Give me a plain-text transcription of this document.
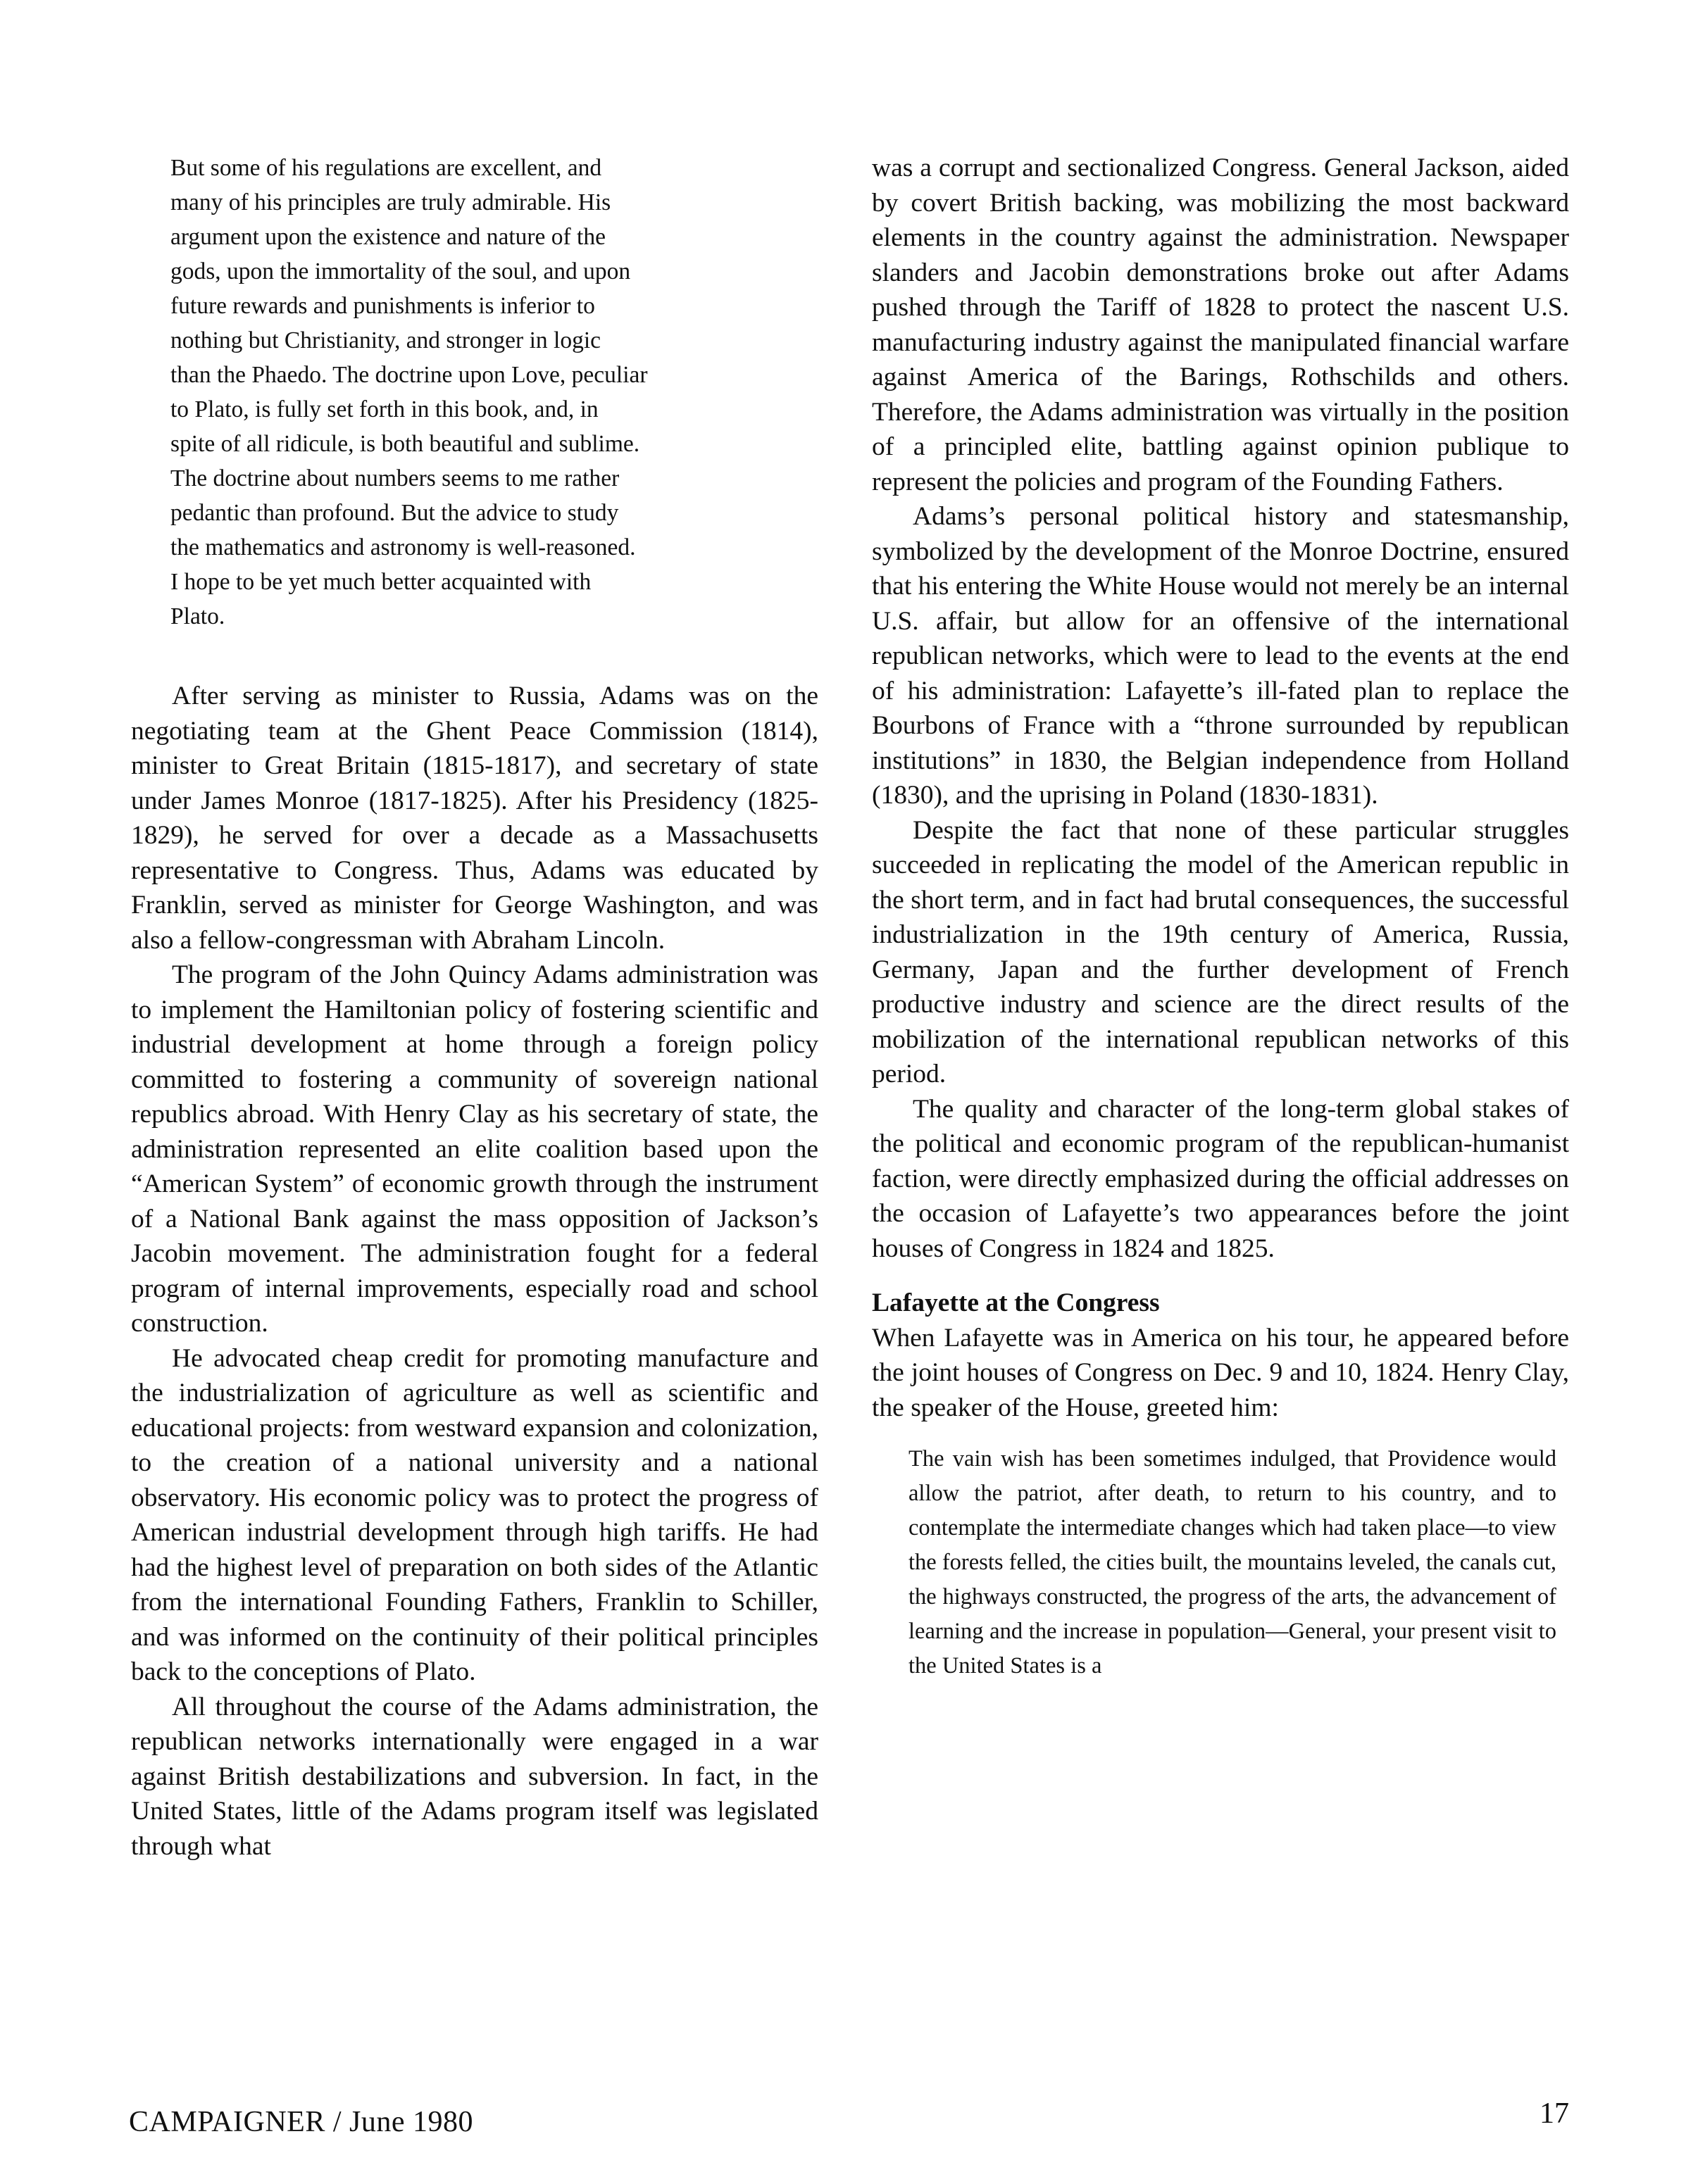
But some of his regulations are excellent, and

many of his principles are truly admirable. His

argument upon the existence and nature of the

gods, upon the immortality of the soul, and upon

future rewards and punishments is inferior to

nothing but Christianity, and stronger in logic

than the Phaedo. The doctrine upon Love, peculiar

to Plato, is fully set forth in this book, and, in

spite of all ridicule, is both beautiful and sublime.

The doctrine about numbers seems to me rather

pedantic than profound. But the advice to study

the mathematics and astronomy is well-reasoned.

I hope to be yet much better acquainted with

Plato.

After serving as minister to Russia, Adams was on the negotiating team at the Ghent Peace Commission (1814), minister to Great Britain (1815-1817), and secretary of state under James Monroe (1817-1825). After his Presidency (1825-1829), he served for over a decade as a Massachusetts representative to Congress. Thus, Adams was educated by Franklin, served as minister for George Washington, and was also a fellow-congressman with Abraham Lincoln.

The program of the John Quincy Adams administration was to implement the Hamiltonian policy of fostering scientific and industrial development at home through a foreign policy committed to fostering a community of sovereign national republics abroad. With Henry Clay as his secretary of state, the administration represented an elite coalition based upon the “American System” of economic growth through the instrument of a National Bank against the mass opposition of Jackson’s Jacobin movement. The administration fought for a federal program of internal improvements, especially road and school construction.

He advocated cheap credit for promoting manufacture and the industrialization of agriculture as well as scientific and educational projects: from westward expansion and colonization, to the creation of a national university and a national observatory. His economic policy was to protect the progress of American industrial development through high tariffs. He had had the highest level of preparation on both sides of the Atlantic from the international Founding Fathers, Franklin to Schiller, and was informed on the continuity of their political principles back to the conceptions of Plato.

All throughout the course of the Adams administration, the republican networks internationally were engaged in a war against British destabilizations and subversion. In fact, in the United States, little of the Adams program itself was legislated through what

was a corrupt and sectionalized Congress. General Jackson, aided by covert British backing, was mobilizing the most backward elements in the country against the administration. Newspaper slanders and Jacobin demonstrations broke out after Adams pushed through the Tariff of 1828 to protect the nascent U.S. manufacturing industry against the manipulated financial warfare against America of the Barings, Rothschilds and others. Therefore, the Adams administration was virtually in the position of a principled elite, battling against opinion publique to represent the policies and program of the Founding Fathers.

Adams’s personal political history and statesmanship, symbolized by the development of the Monroe Doctrine, ensured that his entering the White House would not merely be an internal U.S. affair, but allow for an offensive of the international republican networks, which were to lead to the events at the end of his administration: Lafayette’s ill-fated plan to replace the Bourbons of France with a “throne surrounded by republican institutions” in 1830, the Belgian independence from Holland (1830), and the uprising in Poland (1830-1831).

Despite the fact that none of these particular struggles succeeded in replicating the model of the American republic in the short term, and in fact had brutal consequences, the successful industrialization in the 19th century of America, Russia, Germany, Japan and the further development of French productive industry and science are the direct results of the mobilization of the international republican networks of this period.

The quality and character of the long-term global stakes of the political and economic program of the republican-humanist faction, were directly emphasized during the official addresses on the occasion of Lafayette’s two appearances before the joint houses of Congress in 1824 and 1825.

Lafayette at the Congress

When Lafayette was in America on his tour, he appeared before the joint houses of Congress on Dec. 9 and 10, 1824. Henry Clay, the speaker of the House, greeted him:

The vain wish has been sometimes indulged, that Providence would allow the patriot, after death, to return to his country, and to contemplate the intermediate changes which had taken place—to view the forests felled, the cities built, the mountains leveled, the canals cut, the highways constructed, the progress of the arts, the advancement of learning and the increase in population—General, your present visit to the United States is a

CAMPAIGNER / June 1980	17
